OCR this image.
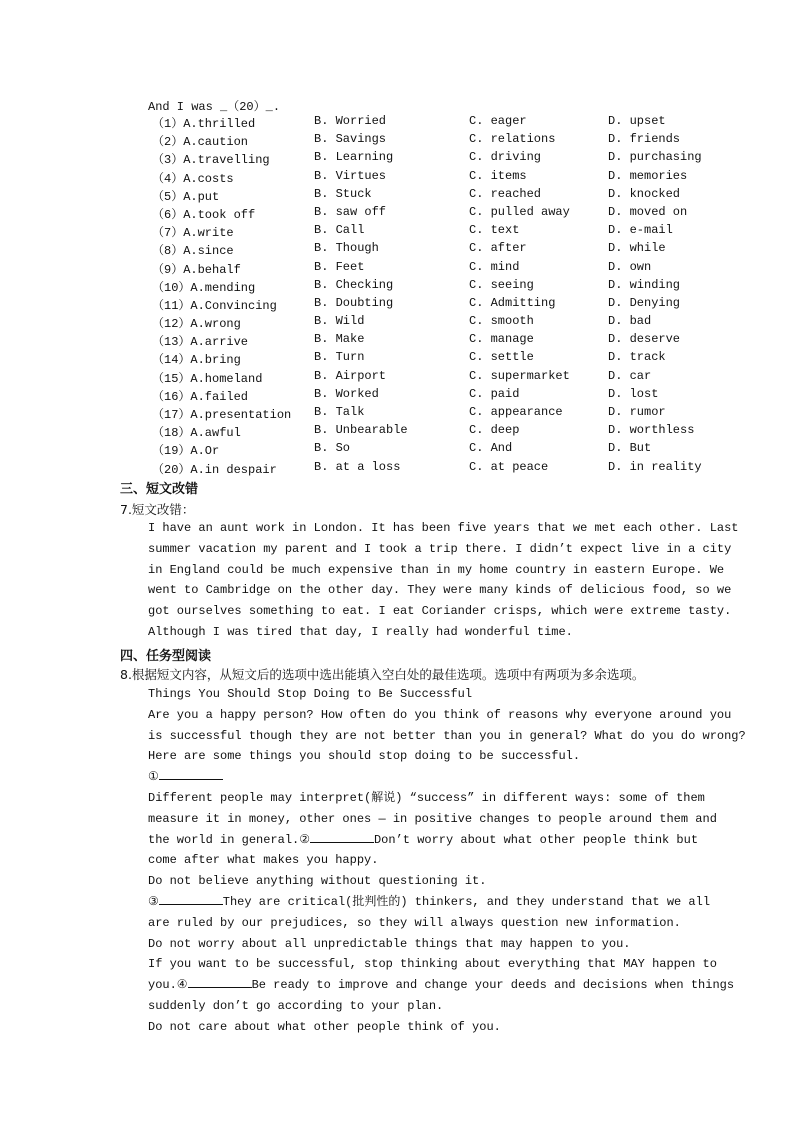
And I was _（20）_.
（1）A.thrilled	B. Worried	C. eager	D. upset
（2）A.caution	B. Savings	C. relations	D. friends
（3）A.travelling	B. Learning	C. driving	D. purchasing
（4）A.costs	B. Virtues	C. items	D. memories
（5）A.put	B. Stuck	C. reached	D. knocked
（6）A.took off	B. saw off	C. pulled away	D. moved on
（7）A.write	B. Call	C. text	D. e-mail
（8）A.since	B. Though	C. after	D. while
（9）A.behalf	B. Feet	C. mind	D. own
（10）A.mending	B. Checking	C. seeing	D. winding
（11）A.Convincing	B. Doubting	C. Admitting	D. Denying
（12）A.wrong	B. Wild	C. smooth	D. bad
（13）A.arrive	B. Make	C. manage	D. deserve
（14）A.bring	B. Turn	C. settle	D. track
（15）A.homeland	B. Airport	C. supermarket	D. car
（16）A.failed	B. Worked	C. paid	D. lost
（17）A.presentation B. Talk	C. appearance	D. rumor
（18）A.awful	B. Unbearable	C. deep	D. worthless
（19）A.Or	B. So	C. And	D. But
（20）A.in despair	B. at a loss	C. at peace	D. in reality
三、短文改错
7.短文改错：
I have an aunt work in London. It has been five years that we met each other. Last
summer vacation my parent and I took a trip there. I didn’t expect live in a city
in England could be much expensive than in my home country in eastern Europe. We
went to Cambridge on the other day. They were many kinds of delicious food, so we
got ourselves something to eat. I eat Coriander crisps, which were extreme tasty.
Although I was tired that day, I really had wonderful time.
四、任务型阅读
8.根据短文内容，从短文后的选项中选出能填入空白处的最佳选项。选项中有两项为多余选项。
Things You Should Stop Doing to Be Successful
Are you a happy person? How often do you think of reasons why everyone around you
is successful though they are not better than you in general? What do you do wrong?
Here are some things you should stop doing to be successful.
①
Different people may interpret(解说) “success” in different ways: some of them
measure it in money, other ones — in positive changes to people around them and
the world in general.②	Don’t worry about what other people think but
come after what makes you happy.
Do not believe anything without questioning it.
③	They are critical(批判性的) thinkers, and they understand that we all
are ruled by our prejudices, so they will always question new information.
Do not worry about all unpredictable things that may happen to you.
If you want to be successful, stop thinking about everything that MAY happen to
you.④	Be ready to improve and change your deeds and decisions when things
suddenly don’t go according to your plan.
Do not care about what other people think of you.
